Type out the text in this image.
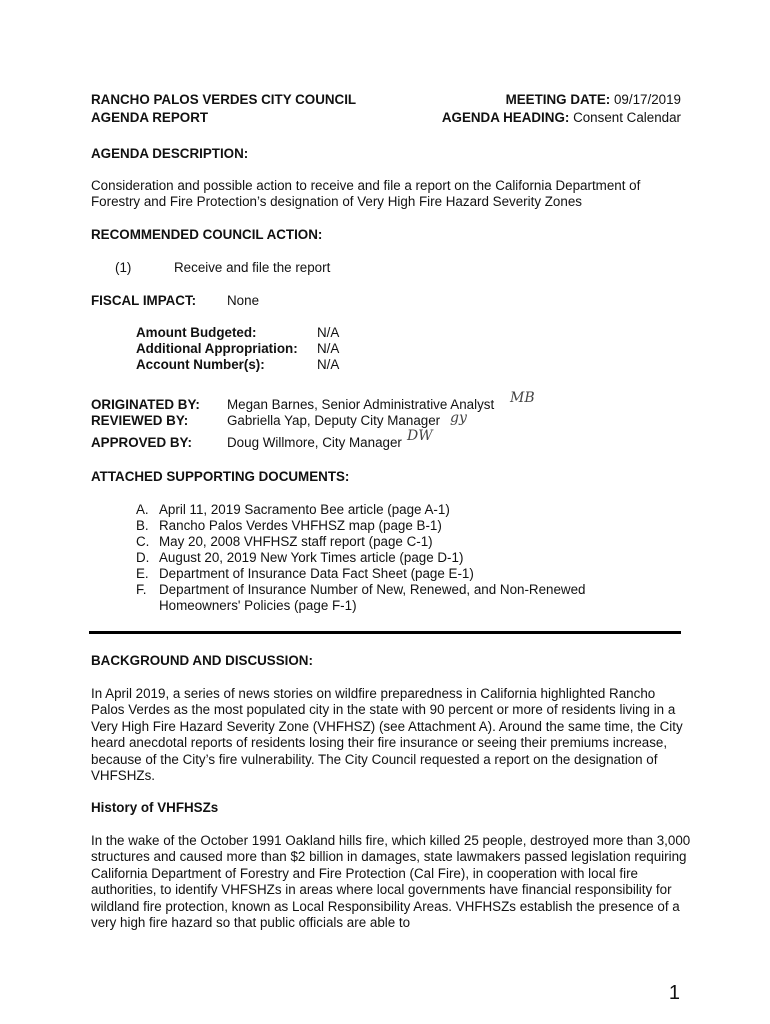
RANCHO PALOS VERDES CITY COUNCIL
AGENDA REPORT
MEETING DATE: 09/17/2019
AGENDA HEADING: Consent Calendar
AGENDA DESCRIPTION:
Consideration and possible action to receive and file a report on the California Department of Forestry and Fire Protection’s designation of Very High Fire Hazard Severity Zones
RECOMMENDED COUNCIL ACTION:
(1)	Receive and file the report
FISCAL IMPACT: None
Amount Budgeted:	N/A
Additional Appropriation: N/A
Account Number(s):	N/A
ORIGINATED BY: Megan Barnes, Senior Administrative Analyst MB
REVIEWED BY:	Gabriella Yap, Deputy City Manager gy
APPROVED BY:	Doug Willmore, City Manager DW
ATTACHED SUPPORTING DOCUMENTS:
A. April 11, 2019 Sacramento Bee article (page A-1)
B. Rancho Palos Verdes VHFHSZ map (page B-1)
C. May 20, 2008 VHFHSZ staff report (page C-1)
D. August 20, 2019 New York Times article (page D-1)
E. Department of Insurance Data Fact Sheet (page E-1)
F. Department of Insurance Number of New, Renewed, and Non-Renewed
Homeowners' Policies (page F-1)
BACKGROUND AND DISCUSSION:
In April 2019, a series of news stories on wildfire preparedness in California highlighted Rancho Palos Verdes as the most populated city in the state with 90 percent or more of residents living in a Very High Fire Hazard Severity Zone (VHFHSZ) (see Attachment A). Around the same time, the City heard anecdotal reports of residents losing their fire insurance or seeing their premiums increase, because of the City’s fire vulnerability. The City Council requested a report on the designation of VHFSHZs.
History of VHFHSZs
In the wake of the October 1991 Oakland hills fire, which killed 25 people, destroyed more than 3,000 structures and caused more than $2 billion in damages, state lawmakers passed legislation requiring California Department of Forestry and Fire Protection (Cal Fire), in cooperation with local fire authorities, to identify VHFSHZs in areas where local governments have financial responsibility for wildland fire protection, known as Local Responsibility Areas. VHFHSZs establish the presence of a very high fire hazard so that public officials are able to
1
